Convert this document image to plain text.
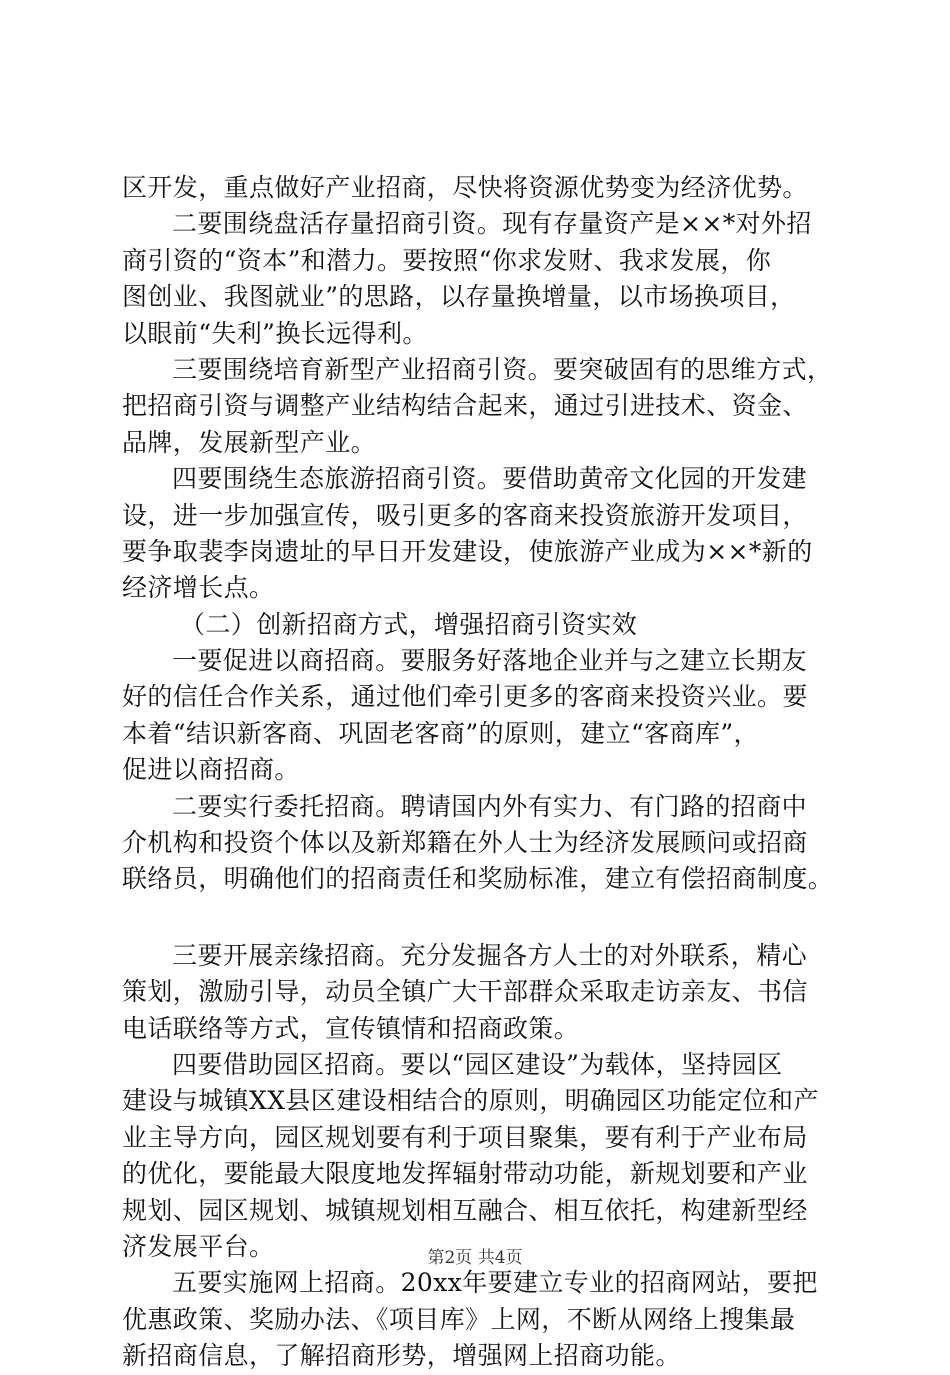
区开发，重点做好产业招商，尽快将资源优势变为经济优势。
二要围绕盘活存量招商引资。现有存量资产是××*对外招
商引资的“资本”和潜力。要按照“你求发财、我求发展，你
图创业、我图就业”的思路，以存量换增量，以市场换项目，
以眼前“失利”换长远得利。
三要围绕培育新型产业招商引资。要突破固有的思维方式，
把招商引资与调整产业结构结合起来，通过引进技术、资金、
品牌，发展新型产业。
四要围绕生态旅游招商引资。要借助黄帝文化园的开发建
设，进一步加强宣传，吸引更多的客商来投资旅游开发项目，
要争取裴李岗遗址的早日开发建设，使旅游产业成为××*新的
经济增长点。
（二）创新招商方式，增强招商引资实效
一要促进以商招商。要服务好落地企业并与之建立长期友
好的信任合作关系，通过他们牵引更多的客商来投资兴业。要
本着“结识新客商、巩固老客商”的原则，建立“客商库”，
促进以商招商。
二要实行委托招商。聘请国内外有实力、有门路的招商中
介机构和投资个体以及新郑籍在外人士为经济发展顾问或招商
联络员，明确他们的招商责任和奖励标准，建立有偿招商制度。
三要开展亲缘招商。充分发掘各方人士的对外联系，精心
策划，激励引导，动员全镇广大干部群众采取走访亲友、书信
电话联络等方式，宣传镇情和招商政策。
四要借助园区招商。要以“园区建设”为载体，坚持园区
建设与城镇XX县区建设相结合的原则，明确园区功能定位和产
业主导方向，园区规划要有利于项目聚集，要有利于产业布局
的优化，要能最大限度地发挥辐射带动功能，新规划要和产业
规划、园区规划、城镇规划相互融合、相互依托，构建新型经
济发展平台。
五要实施网上招商。20xx年要建立专业的招商网站，要把
优惠政策、奖励办法、《项目库》上网，不断从网络上搜集最
新招商信息，了解招商形势，增强网上招商功能。
第2页 共4页
